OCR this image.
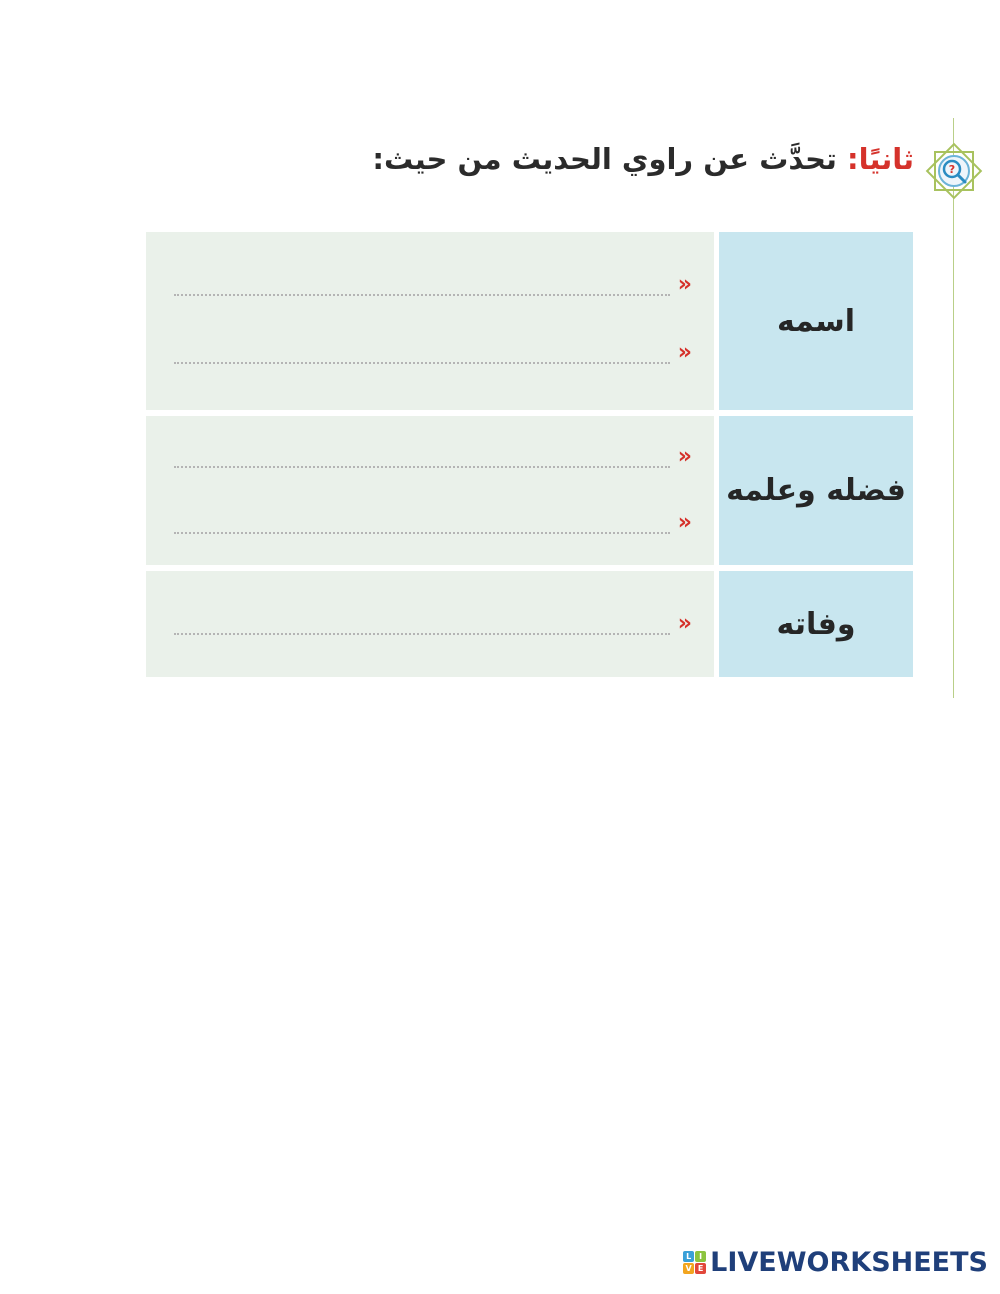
?
ثانيًا: تحدَّث عن راوي الحديث من حيث:
اسمه
«
«
فضله وعلمه
«
«
وفاته
«
L I
V E LIVEWORKSHEETS
